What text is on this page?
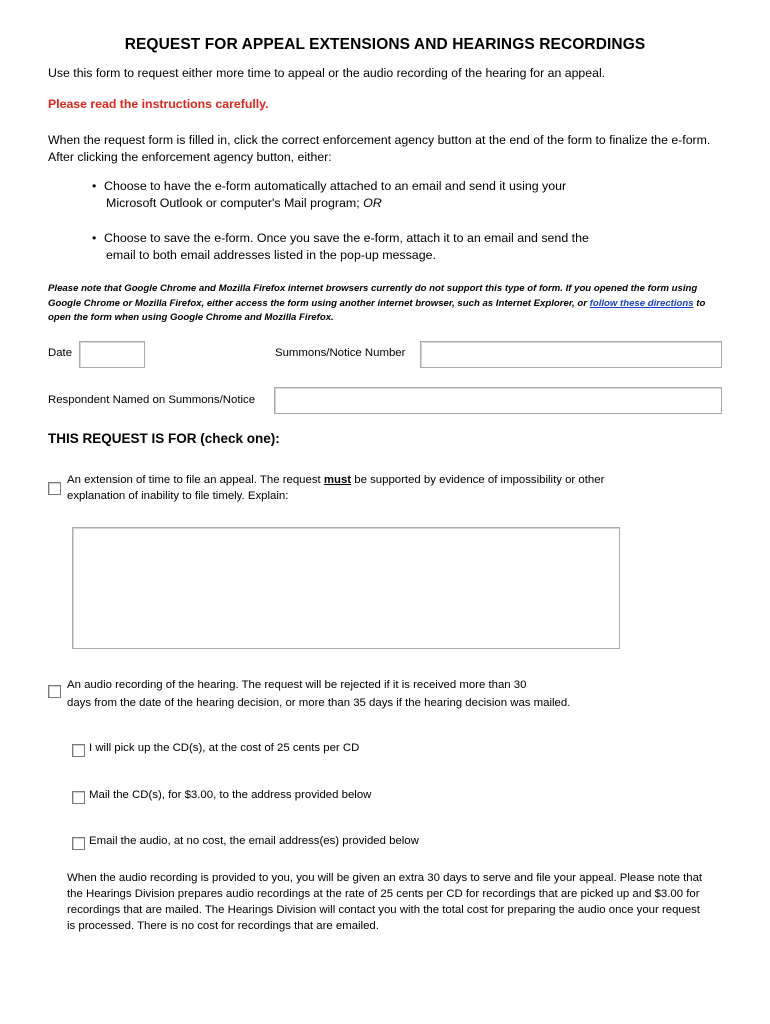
REQUEST FOR APPEAL EXTENSIONS AND HEARINGS RECORDINGS
Use this form to request either more time to appeal or the audio recording of the hearing for an appeal.
Please read the instructions carefully.
When the request form is filled in, click the correct enforcement agency button at the end of the form to finalize the e-form. After clicking the enforcement agency button, either:
• Choose to have the e-form automatically attached to an email and send it using your
Microsoft Outlook or computer's Mail program; OR
• Choose to save the e-form. Once you save the e-form, attach it to an email and send the
email to both email addresses listed in the pop-up message.
Please note that Google Chrome and Mozilla Firefox internet browsers currently do not support this type of form. If you opened the form using Google Chrome or Mozilla Firefox, either access the form using another internet browser, such as Internet Explorer, or follow these directions to open the form when using Google Chrome and Mozilla Firefox.
Date	Summons/Notice Number
Respondent Named on Summons/Notice
THIS REQUEST IS FOR (check one):
An extension of time to file an appeal. The request must be supported by evidence of impossibility or other explanation of inability to file timely. Explain:
An audio recording of the hearing. The request will be rejected if it is received more than 30
days from the date of the hearing decision, or more than 35 days if the hearing decision was mailed.
I will pick up the CD(s), at the cost of 25 cents per CD
Mail the CD(s), for $3.00, to the address provided below
Email the audio, at no cost, the email address(es) provided below
When the audio recording is provided to you, you will be given an extra 30 days to serve and file your appeal. Please note that the Hearings Division prepares audio recordings at the rate of 25 cents per CD for recordings that are picked up and $3.00 for recordings that are mailed. The Hearings Division will contact you with the total cost for preparing the audio once your request is processed. There is no cost for recordings that are emailed.
